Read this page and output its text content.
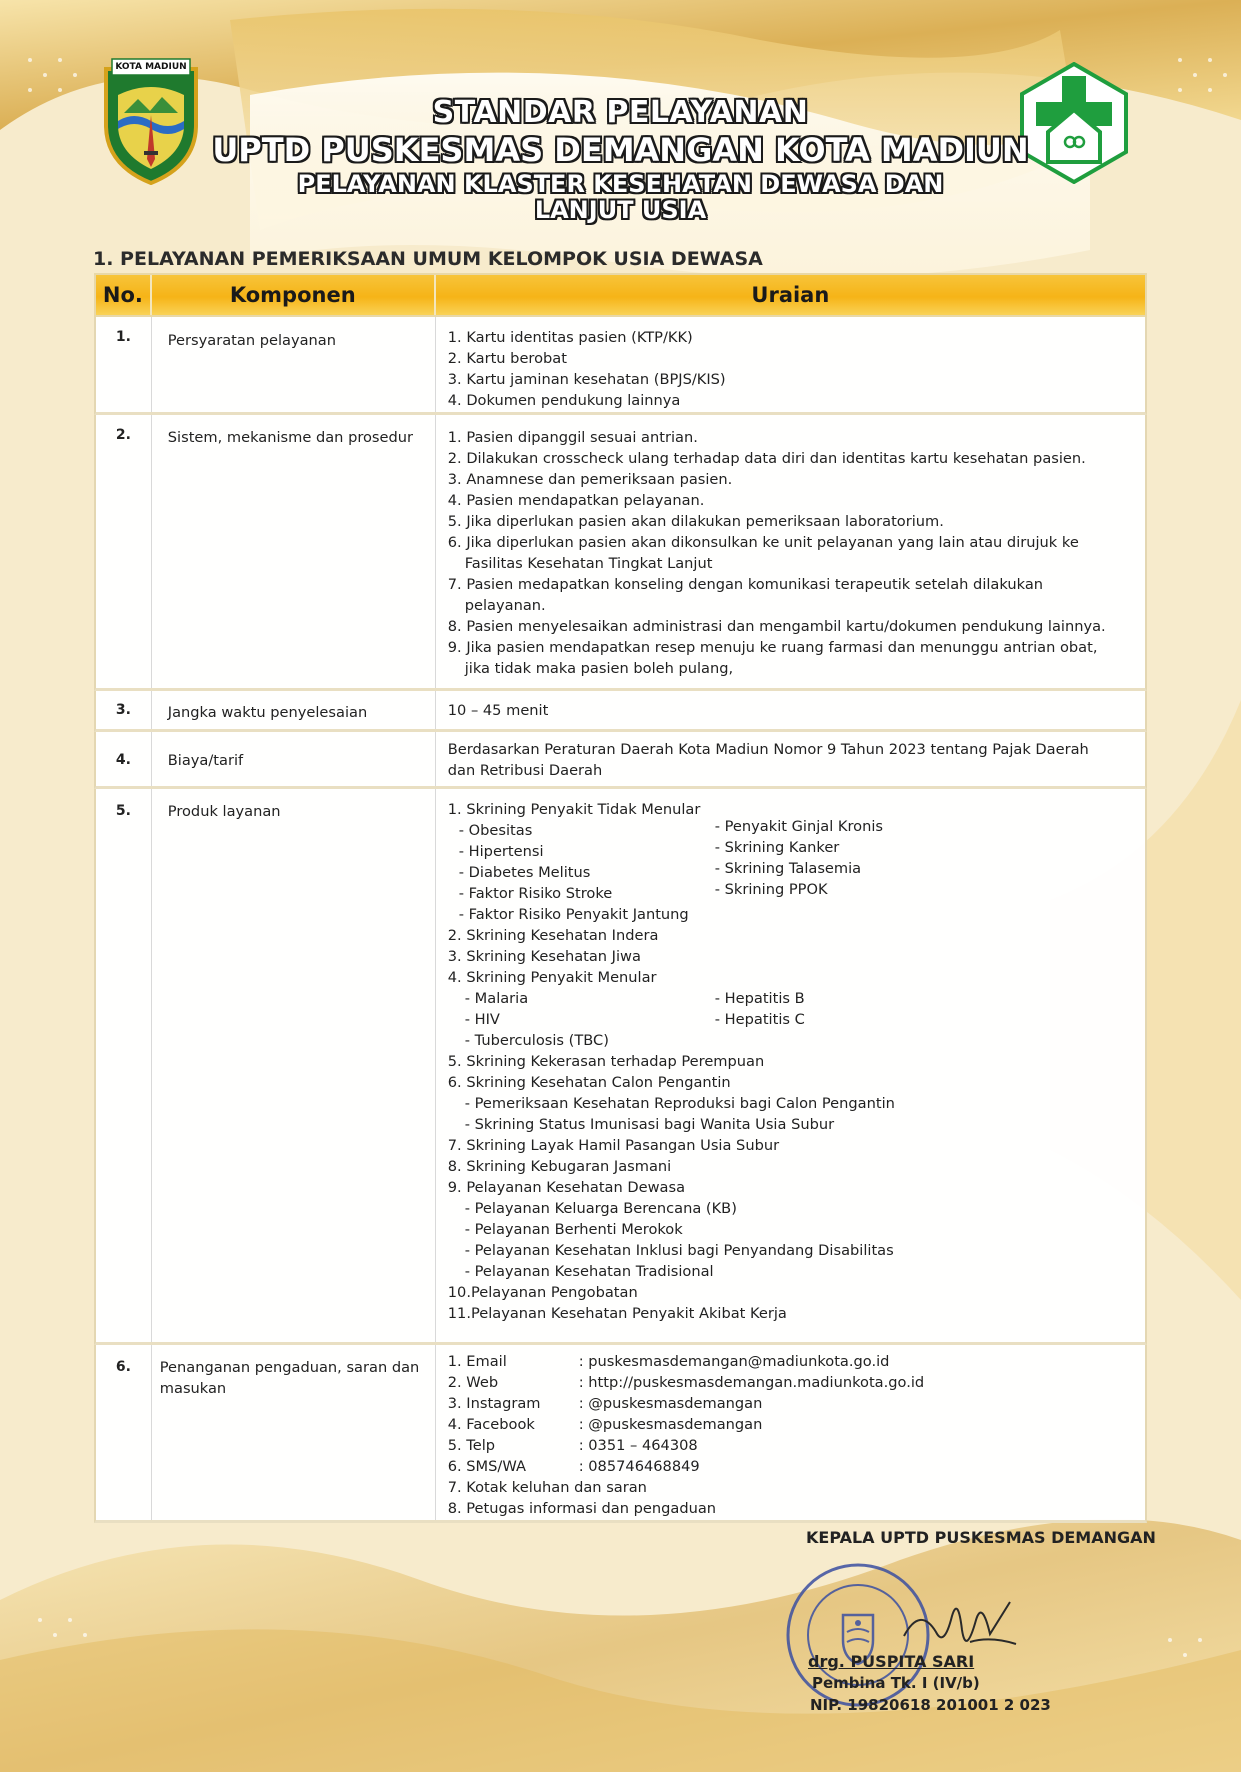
KOTA MADIUN
STANDAR PELAYANAN
UPTD PUSKESMAS DEMANGAN KOTA MADIUN
PELAYANAN KLASTER KESEHATAN DEWASA DAN
LANJUT USIA
1. PELAYANAN PEMERIKSAAN UMUM KELOMPOK USIA DEWASA
No.	Komponen	Uraian
1.	Persyaratan pelayanan	1. Kartu identitas pasien (KTP/KK)
2. Kartu berobat
3. Kartu jaminan kesehatan (BPJS/KIS)
4. Dokumen pendukung lainnya
2.	Sistem, mekanisme dan prosedur	1. Pasien dipanggil sesuai antrian.
2. Dilakukan crosscheck ulang terhadap data diri dan identitas kartu kesehatan pasien.
3. Anamnese dan pemeriksaan pasien.
4. Pasien mendapatkan pelayanan.
5. Jika diperlukan pasien akan dilakukan pemeriksaan laboratorium.
6. Jika diperlukan pasien akan dikonsulkan ke unit pelayanan yang lain atau dirujuk ke
Fasilitas Kesehatan Tingkat Lanjut
7. Pasien medapatkan konseling dengan komunikasi terapeutik setelah dilakukan
pelayanan.
8. Pasien menyelesaikan administrasi dan mengambil kartu/dokumen pendukung lainnya.
9. Jika pasien mendapatkan resep menuju ke ruang farmasi dan menunggu antrian obat,
jika tidak maka pasien boleh pulang,
3.	Jangka waktu penyelesaian	10 – 45 menit
4.	Biaya/tarif
Berdasarkan Peraturan Daerah Kota Madiun Nomor 9 Tahun 2023 tentang Pajak Daerah
dan Retribusi Daerah
5.	Produk layanan	1. Skrining Penyakit Tidak Menular
- Obesitas
- Hipertensi
- Diabetes Melitus
- Faktor Risiko Stroke
- Faktor Risiko Penyakit Jantung
- Penyakit Ginjal Kronis
- Skrining Kanker
- Skrining Talasemia
- Skrining PPOK
2. Skrining Kesehatan Indera
3. Skrining Kesehatan Jiwa
4. Skrining Penyakit Menular
- Malaria
- HIV
- Tuberculosis (TBC)
- Hepatitis B
- Hepatitis C
5. Skrining Kekerasan terhadap Perempuan
6. Skrining Kesehatan Calon Pengantin
- Pemeriksaan Kesehatan Reproduksi bagi Calon Pengantin
- Skrining Status Imunisasi bagi Wanita Usia Subur
7. Skrining Layak Hamil Pasangan Usia Subur
8. Skrining Kebugaran Jasmani
9. Pelayanan Kesehatan Dewasa
- Pelayanan Keluarga Berencana (KB)
- Pelayanan Berhenti Merokok
- Pelayanan Kesehatan Inklusi bagi Penyandang Disabilitas
- Pelayanan Kesehatan Tradisional
10.Pelayanan Pengobatan
11.Pelayanan Kesehatan Penyakit Akibat Kerja
6.	Penanganan pengaduan, saran dan
masukan
1. Email	: puskesmasdemangan@madiunkota.go.id
2. Web	: http://puskesmasdemangan.madiunkota.go.id
3. Instagram	: @puskesmasdemangan
4. Facebook	: @puskesmasdemangan
5. Telp	: 0351 – 464308
6. SMS/WA	: 085746468849
7. Kotak keluhan dan saran
8. Petugas informasi dan pengaduan
KEPALA UPTD PUSKESMAS DEMANGAN
drg. PUSPITA SARI
Pembina Tk. I (IV/b)
NIP. 19820618 201001 2 023
